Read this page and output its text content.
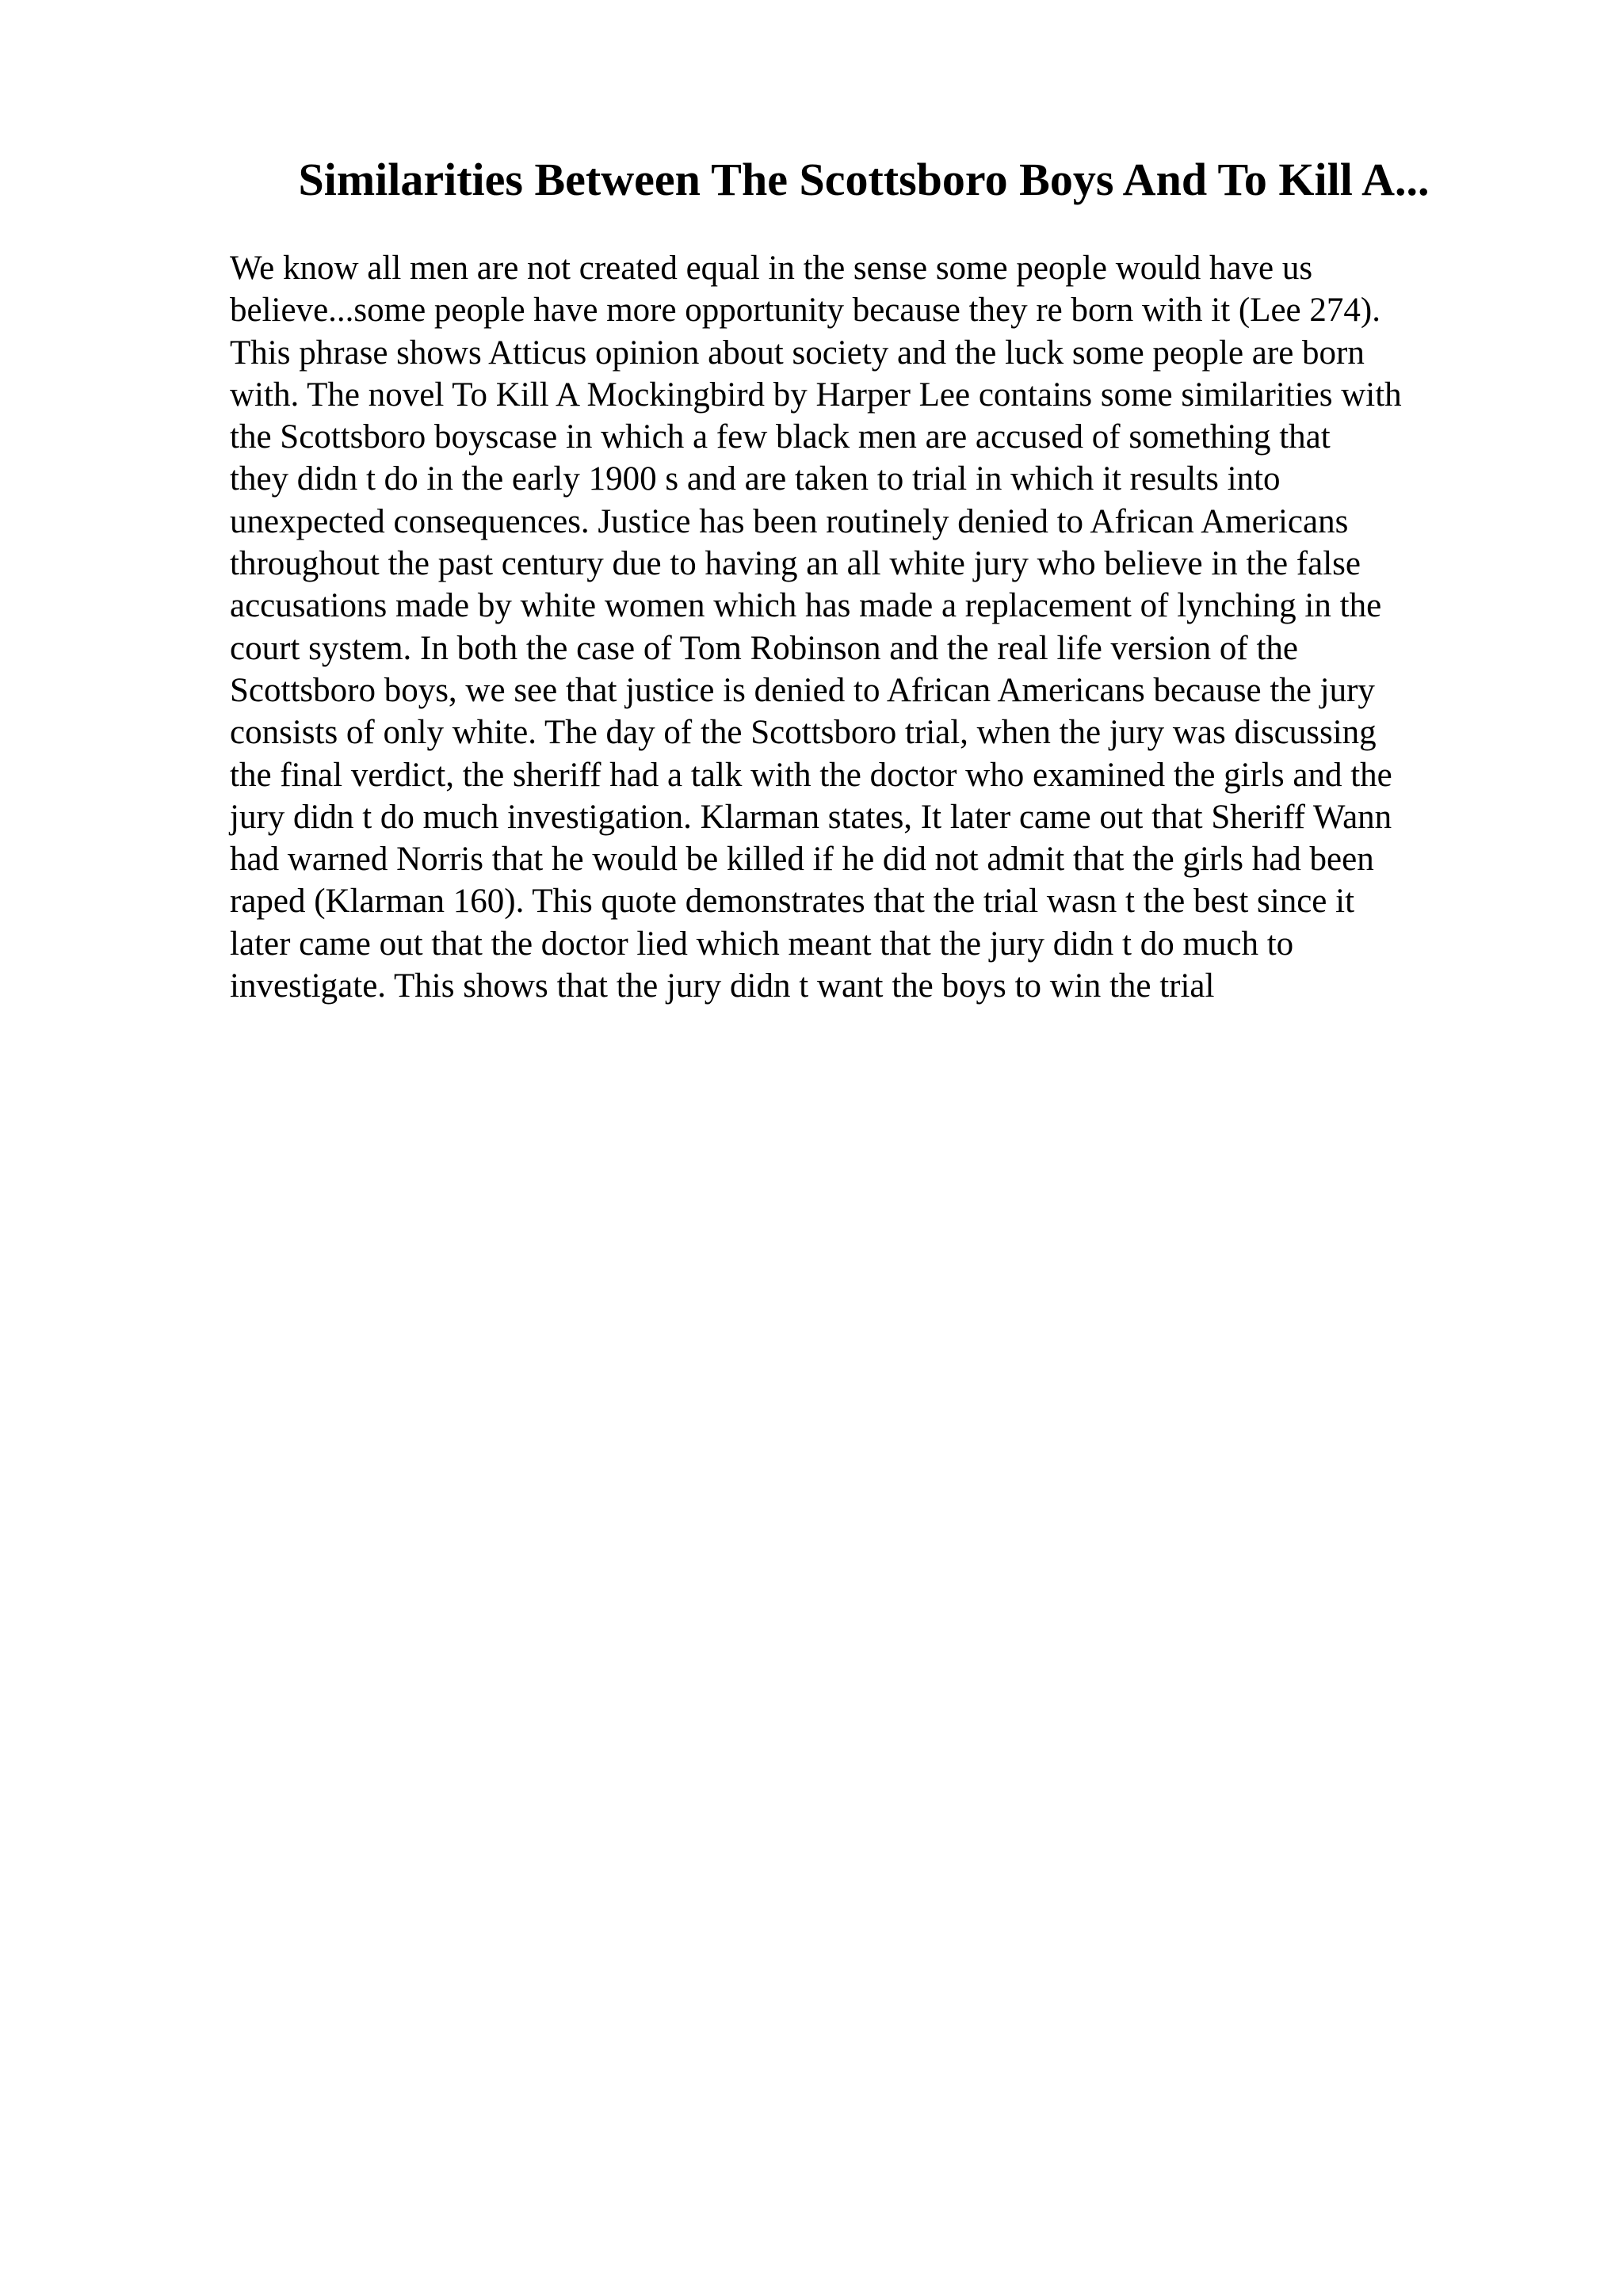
Similarities Between The Scottsboro Boys And To Kill A...
We know all men are not created equal in the sense some people would have us
believe...some people have more opportunity because they re born with it (Lee 274).
This phrase shows Atticus opinion about society and the luck some people are born
with. The novel To Kill A Mockingbird by Harper Lee contains some similarities with
the Scottsboro boyscase in which a few black men are accused of something that
they didn t do in the early 1900 s and are taken to trial in which it results into
unexpected consequences. Justice has been routinely denied to African Americans
throughout the past century due to having an all white jury who believe in the false
accusations made by white women which has made a replacement of lynching in the
court system. In both the case of Tom Robinson and the real life version of the
Scottsboro boys, we see that justice is denied to African Americans because the jury
consists of only white. The day of the Scottsboro trial, when the jury was discussing
the final verdict, the sheriff had a talk with the doctor who examined the girls and the
jury didn t do much investigation. Klarman states, It later came out that Sheriff Wann
had warned Norris that he would be killed if he did not admit that the girls had been
raped (Klarman 160). This quote demonstrates that the trial wasn t the best since it
later came out that the doctor lied which meant that the jury didn t do much to
investigate. This shows that the jury didn t want the boys to win the trial
